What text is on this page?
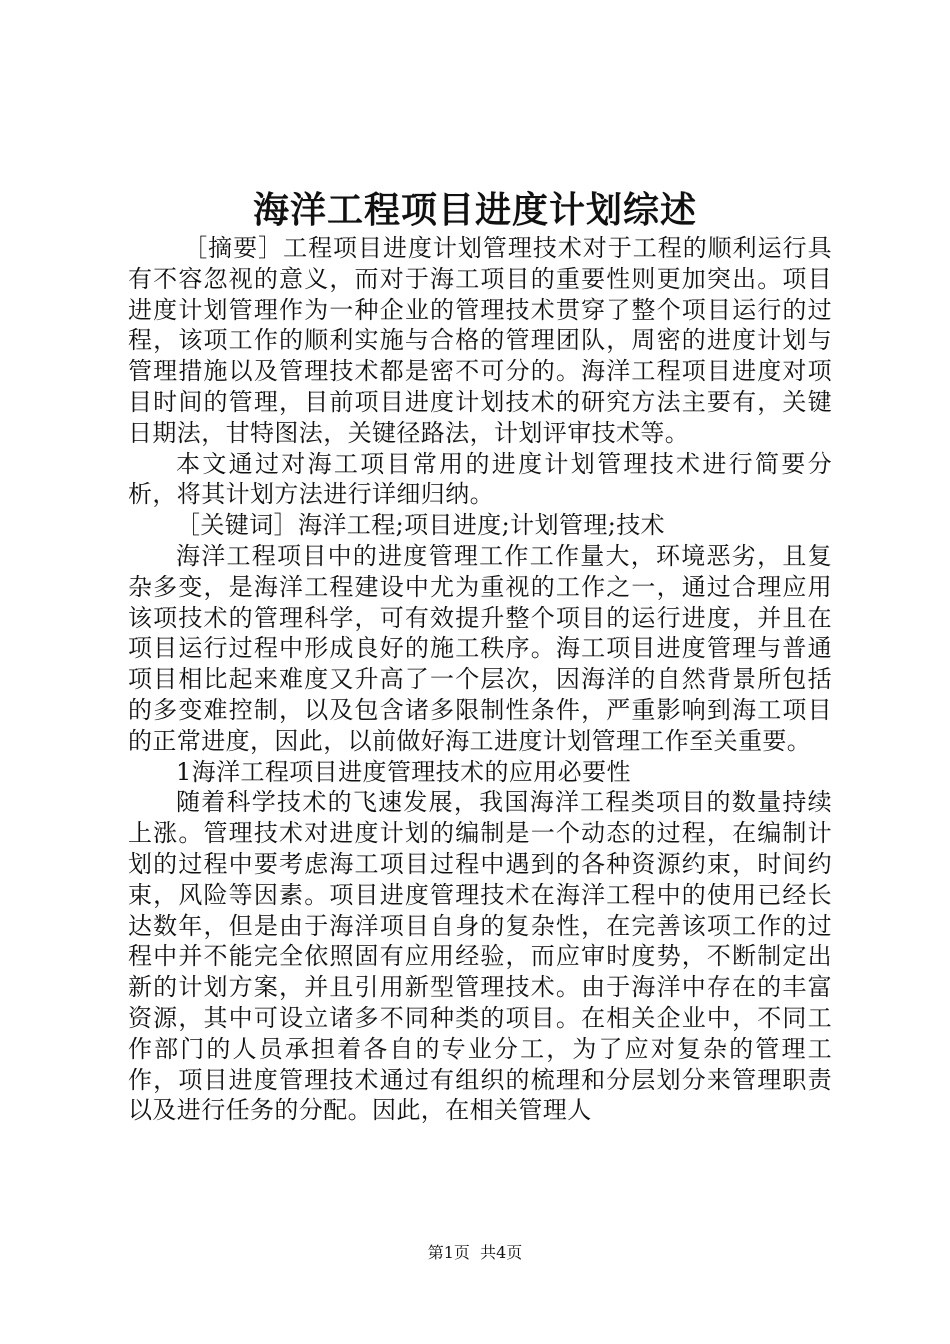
海洋工程项目进度计划综述

［摘要］工程项目进度计划管理技术对于工程的顺利运行具有不容忽视的意义，而对于海工项目的重要性则更加突出。项目进度计划管理作为一种企业的管理技术贯穿了整个项目运行的过程，该项工作的顺利实施与合格的管理团队，周密的进度计划与管理措施以及管理技术都是密不可分的。海洋工程项目进度对项目时间的管理，目前项目进度计划技术的研究方法主要有，关键日期法，甘特图法，关键径路法，计划评审技术等。

本文通过对海工项目常用的进度计划管理技术进行简要分析，将其计划方法进行详细归纳。

［关键词］海洋工程;项目进度;计划管理;技术

海洋工程项目中的进度管理工作工作量大，环境恶劣，且复杂多变，是海洋工程建设中尤为重视的工作之一，通过合理应用该项技术的管理科学，可有效提升整个项目的运行进度，并且在项目运行过程中形成良好的施工秩序。海工项目进度管理与普通项目相比起来难度又升高了一个层次，因海洋的自然背景所包括的多变难控制，以及包含诸多限制性条件，严重影响到海工项目的正常进度，因此，以前做好海工进度计划管理工作至关重要。

1海洋工程项目进度管理技术的应用必要性

随着科学技术的飞速发展，我国海洋工程类项目的数量持续上涨。管理技术对进度计划的编制是一个动态的过程，在编制计划的过程中要考虑海工项目过程中遇到的各种资源约束，时间约束，风险等因素。项目进度管理技术在海洋工程中的使用已经长达数年，但是由于海洋项目自身的复杂性，在完善该项工作的过程中并不能完全依照固有应用经验，而应审时度势，不断制定出新的计划方案，并且引用新型管理技术。由于海洋中存在的丰富资源，其中可设立诸多不同种类的项目。在相关企业中，不同工作部门的人员承担着各自的专业分工，为了应对复杂的管理工作，项目进度管理技术通过有组织的梳理和分层划分来管理职责以及进行任务的分配。因此，在相关管理人

第1页  共4页
